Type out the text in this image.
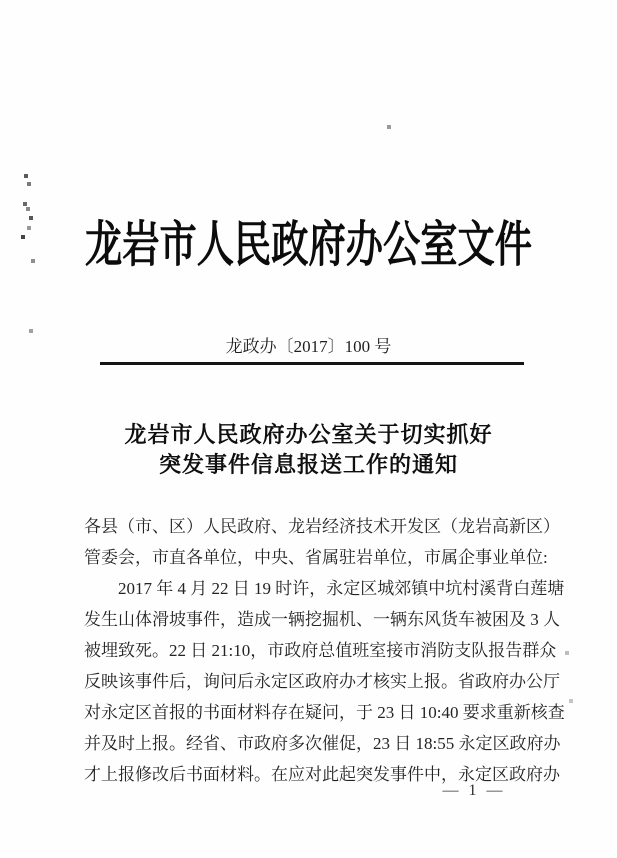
龙岩市人民政府办公室文件
龙政办〔2017〕100 号
龙岩市人民政府办公室关于切实抓好
突发事件信息报送工作的通知
各县（市、区）人民政府、龙岩经济技术开发区（龙岩高新区）
管委会，市直各单位，中央、省属驻岩单位，市属企事业单位:
2017 年 4 月 22 日 19 时许，永定区城郊镇中坑村溪背白莲塘
发生山体滑坡事件，造成一辆挖掘机、一辆东风货车被困及 3 人
被埋致死。22 日 21:10，市政府总值班室接市消防支队报告群众
反映该事件后，询问后永定区政府办才核实上报。省政府办公厅
对永定区首报的书面材料存在疑问，于 23 日 10:40 要求重新核查
并及时上报。经省、市政府多次催促，23 日 18:55 永定区政府办
才上报修改后书面材料。在应对此起突发事件中，永定区政府办
— 1 —
